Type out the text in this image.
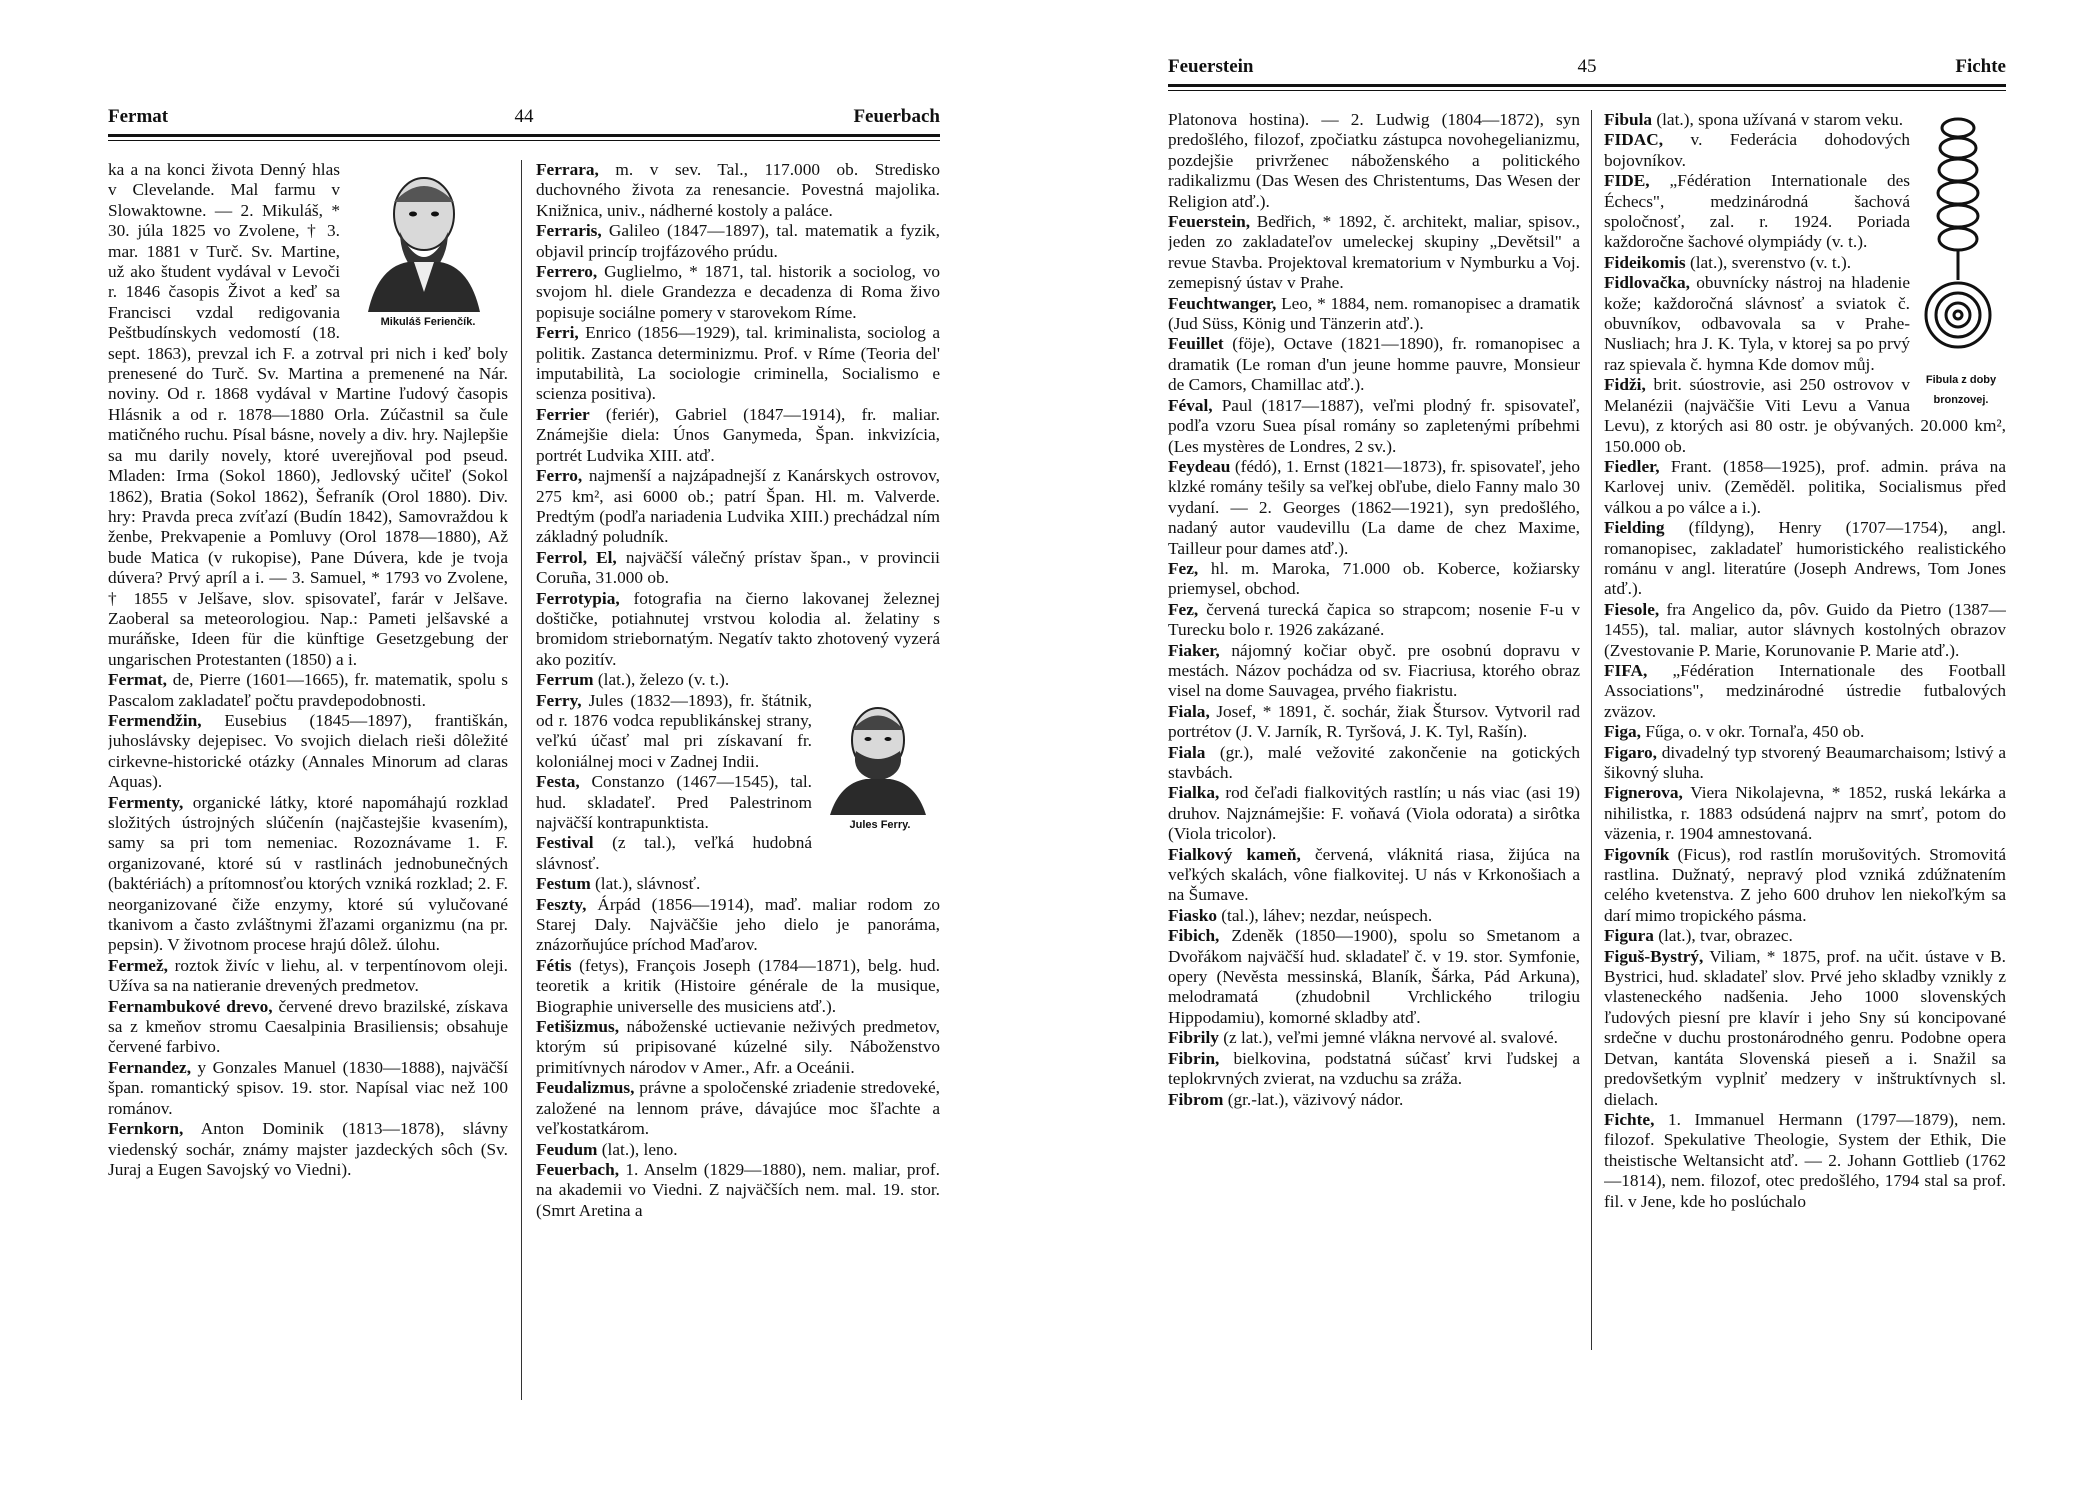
Fermat	44	Feuerbach
Mikuláš Ferienčík.

ka a na konci života Denný hlas v Clevelande. Mal farmu v Slowaktowne. — 2. Mikuláš, * 30. júla 1825 vo Zvolene, † 3. mar. 1881 v Turč. Sv. Martine, už ako študent vydával v Levoči r. 1846 časopis Život a keď sa Francisci vzdal redigovania Peštbudínskych vedomostí (18. sept. 1863), prevzal ich F. a zotrval pri nich i keď boly prenesené do Turč. Sv. Martina a premenené na Nár. noviny. Od r. 1868 vydával v Martine ľudový časopis Hlásnik a od r. 1878—1880 Orla. Zúčastnil sa čule matičného ruchu. Písal básne, novely a div. hry. Najlepšie sa mu darily novely, ktoré uverejňoval pod pseud. Mladen: Irma (Sokol 1860), Jedlovský učiteľ (Sokol 1862), Bratia (Sokol 1862), Šefraník (Orol 1880). Div. hry: Pravda preca zvíťazí (Budín 1842), Samovraždou k ženbe, Prekvapenie a Pomluvy (Orol 1878—1880), Až bude Matica (v rukopise), Pane Dúvera, kde je tvoja dúvera? Prvý apríl a i. — 3. Samuel, * 1793 vo Zvolene, † 1855 v Jelšave, slov. spisovateľ, farár v Jelšave. Zaoberal sa meteorologiou. Nap.: Pameti jelšavské a muráňske, Ideen für die künftige Gesetzgebung der ungarischen Protestanten (1850) a i.

Fermat, de, Pierre (1601—1665), fr. matematik, spolu s Pascalom zakladateľ počtu pravdepodobnosti.

Fermendžin, Eusebius (1845—1897), františkán, juhoslávsky dejepisec. Vo svojich dielach rieši dôležité cirkevne-historické otázky (Annales Minorum ad claras Aquas).

Fermenty, organické látky, ktoré napomáhajú rozklad složitých ústrojných slúčenín (najčastejšie kvasením), samy sa pri tom nemeniac. Rozoznávame 1. F. organizované, ktoré sú v rastlinách jednobunečných (baktériách) a prítomnosťou ktorých vzniká rozklad; 2. F. neorganizované čiže enzymy, ktoré sú vylučované tkanivom a často zvláštnymi žľazami organizmu (na pr. pepsin). V životnom procese hrajú dôlež. úlohu.

Fermež, roztok živíc v liehu, al. v terpentínovom oleji. Užíva sa na natieranie drevených predmetov.

Fernambukové drevo, červené drevo brazilské, získava sa z kmeňov stromu Caesalpinia Brasiliensis; obsahuje červené farbivo.

Fernandez, y Gonzales Manuel (1830—1888), najväčší špan. romantický spisov. 19. stor. Napísal viac než 100 románov.

Fernkorn, Anton Dominik (1813—1878), slávny viedenský sochár, známy majster jazdeckých sôch (Sv. Juraj a Eugen Savojský vo Viedni).

Ferrara, m. v sev. Tal., 117.000 ob. Stredisko duchovného života za renesancie. Povestná majolika. Knižnica, univ., nádherné kostoly a paláce.

Ferraris, Galileo (1847—1897), tal. matematik a fyzik, objavil princíp trojfázového prúdu.

Ferrero, Guglielmo, * 1871, tal. historik a sociolog, vo svojom hl. diele Grandezza e decadenza di Roma živo popisuje sociálne pomery v starovekom Ríme.

Ferri, Enrico (1856—1929), tal. kriminalista, sociolog a politik. Zastanca determinizmu. Prof. v Ríme (Teoria del' imputabilità, La sociologie criminella, Socialismo e scienza positiva).

Ferrier (feriér), Gabriel (1847—1914), fr. maliar. Známejšie diela: Únos Ganymeda, Špan. inkvizícia, portrét Ludvika XIII. atď.

Ferro, najmenší a najzápadnejší z Kanárskych ostrovov, 275 km², asi 6000 ob.; patrí Špan. Hl. m. Valverde. Predtým (podľa nariadenia Ludvika XIII.) prechádzal ním základný poludník.

Ferrol, El, najväčší válečný prístav špan., v provincii Coruña, 31.000 ob.

Ferrotypia, fotografia na čierno lakovanej železnej doštičke, potiahnutej vrstvou kolodia al. želatiny s bromidom striebornatým. Negatív takto zhotovený vyzerá ako pozitív.

Ferrum (lat.), železo (v. t.).

Jules Ferry.

Ferry, Jules (1832—1893), fr. štátnik, od r. 1876 vodca republikánskej strany, veľkú účasť mal pri získavaní fr. koloniálnej moci v Zadnej Indii.

Festa, Constanzo (1467—1545), tal. hud. skladateľ. Pred Palestrinom najväčší kontrapunktista.

Festival (z tal.), veľká hudobná slávnosť.

Festum (lat.), slávnosť.

Feszty, Árpád (1856—1914), maď. maliar rodom zo Starej Daly. Najväčšie jeho dielo je panoráma, znázorňujúce príchod Maďarov.

Fétis (fetys), François Joseph (1784—1871), belg. hud. teoretik a kritik (Histoire générale de la musique, Biographie universelle des musiciens atď.).

Fetišizmus, náboženské uctievanie neživých predmetov, ktorým sú pripisované kúzelné sily. Náboženstvo primitívnych národov v Amer., Afr. a Oceánii.

Feudalizmus, právne a spoločenské zriadenie stredoveké, založené na lennom práve, dávajúce moc šľachte a veľkostatkárom.

Feudum (lat.), leno.

Feuerbach, 1. Anselm (1829—1880), nem. maliar, prof. na akademii vo Viedni. Z najväčších nem. mal. 19. stor. (Smrt Aretina a

Feuerstein	45	Fichte

Platonova hostina). — 2. Ludwig (1804—1872), syn predošlého, filozof, zpočiatku zástupca novohegelianizmu, pozdejšie privrženec náboženského a politického radikalizmu (Das Wesen des Christentums, Das Wesen der Religion atď.).

Feuerstein, Bedřich, * 1892, č. architekt, maliar, spisov., jeden zo zakladateľov umeleckej skupiny „Devětsil" a revue Stavba. Projektoval krematorium v Nymburku a Voj. zemepisný ústav v Prahe.

Feuchtwanger, Leo, * 1884, nem. romanopisec a dramatik (Jud Süss, König und Tänzerin atď.).

Feuillet (föje), Octave (1821—1890), fr. romanopisec a dramatik (Le roman d'un jeune homme pauvre, Monsieur de Camors, Chamillac atď.).

Féval, Paul (1817—1887), veľmi plodný fr. spisovateľ, podľa vzoru Suea písal romány so zapletenými príbehmi (Les mystères de Londres, 2 sv.).

Feydeau (fédó), 1. Ernst (1821—1873), fr. spisovateľ, jeho klzké romány tešily sa veľkej obľube, dielo Fanny malo 30 vydaní. — 2. Georges (1862—1921), syn predošlého, nadaný autor vaudevillu (La dame de chez Maxime, Tailleur pour dames atď.).

Fez, hl. m. Maroka, 71.000 ob. Koberce, kožiarsky priemysel, obchod.

Fez, červená turecká čapica so strapcom; nosenie F-u v Turecku bolo r. 1926 zakázané.

Fiaker, nájomný kočiar obyč. pre osobnú dopravu v mestách. Názov pochádza od sv. Fiacriusa, ktorého obraz visel na dome Sauvagea, prvého fiakristu.

Fiala, Josef, * 1891, č. sochár, žiak Štursov. Vytvoril rad portrétov (J. V. Jarník, R. Tyršová, J. K. Tyl, Rašín).

Fiala (gr.), malé vežovité zakončenie na gotických stavbách.

Fialka, rod čeľadi fialkovitých rastlín; u nás viac (asi 19) druhov. Najznámejšie: F. voňavá (Viola odorata) a sirôtka (Viola tricolor).

Fialkový kameň, červená, vláknitá riasa, žijúca na veľkých skalách, vône fialkovitej. U nás v Krkonošiach a na Šumave.

Fiasko (tal.), láhev; nezdar, neúspech.

Fibich, Zdeněk (1850—1900), spolu so Smetanom a Dvořákom najväčší hud. skladateľ č. v 19. stor. Symfonie, opery (Nevěsta messinská, Blaník, Šárka, Pád Arkuna), melodramatá (zhudobnil Vrchlického trilogiu Hippodamiu), komorné skladby atď.

Fibrily (z lat.), veľmi jemné vlákna nervové al. svalové.

Fibrin, bielkovina, podstatná súčasť krvi ľudskej a teplokrvných zvierat, na vzduchu sa zráža.

Fibrom (gr.-lat.), väzivový nádor.

Fibula z doby bronzovej.

Fibula (lat.), spona užívaná v starom veku.

FIDAC, v. Federácia dohodových bojovníkov.

FIDE, „Fédération Internationale des Échecs", medzinárodná šachová spoločnosť, zal. r. 1924. Poriada každoročne šachové olympiády (v. t.).

Fideikomis (lat.), sverenstvo (v. t.).

Fidlovačka, obuvnícky nástroj na hladenie kože; každoročná slávnosť a sviatok č. obuvníkov, odbavovala sa v Prahe-Nusliach; hra J. K. Tyla, v ktorej sa po prvý raz spievala č. hymna Kde domov můj.

Fidži, brit. súostrovie, asi 250 ostrovov v Melanézii (najväčšie Viti Levu a Vanua Levu), z ktorých asi 80 ostr. je obývaných. 20.000 km², 150.000 ob.

Fiedler, Frant. (1858—1925), prof. admin. práva na Karlovej univ. (Zeměděl. politika, Socialismus před válkou a po válce a i.).

Fielding (fíldyng), Henry (1707—1754), angl. romanopisec, zakladateľ humoristického realistického románu v angl. literatúre (Joseph Andrews, Tom Jones atď.).

Fiesole, fra Angelico da, pôv. Guido da Pietro (1387—1455), tal. maliar, autor slávnych kostolných obrazov (Zvestovanie P. Marie, Korunovanie P. Marie atď.).

FIFA, „Fédération Internationale des Football Associations", medzinárodné ústredie futbalových zväzov.

Figa, Fűga, o. v okr. Tornaľa, 450 ob.

Figaro, divadelný typ stvorený Beaumarchaisom; lstivý a šikovný sluha.

Fignerova, Viera Nikolajevna, * 1852, ruská lekárka a nihilistka, r. 1883 odsúdená najprv na smrť, potom do väzenia, r. 1904 amnestovaná.

Figovník (Ficus), rod rastlín morušovitých. Stromovitá rastlina. Dužnatý, nepravý plod vzniká zdúžnatením celého kvetenstva. Z jeho 600 druhov len niekoľkým sa darí mimo tropického pásma.

Figura (lat.), tvar, obrazec.

Figuš-Bystrý, Viliam, * 1875, prof. na učit. ústave v B. Bystrici, hud. skladateľ slov. Prvé jeho skladby vznikly z vlasteneckého nadšenia. Jeho 1000 slovenských ľudových piesní pre klavír i jeho Sny sú koncipované srdečne v duchu prostonárodného genru. Podobne opera Detvan, kantáta Slovenská pieseň a i. Snažil sa predovšetkým vyplniť medzery v inštruktívnych sl. dielach.

Fichte, 1. Immanuel Hermann (1797—1879), nem. filozof. Spekulative Theologie, System der Ethik, Die theistische Weltansicht atď. — 2. Johann Gottlieb (1762—1814), nem. filozof, otec predošlého, 1794 stal sa prof. fil. v Jene, kde ho poslúchalo
